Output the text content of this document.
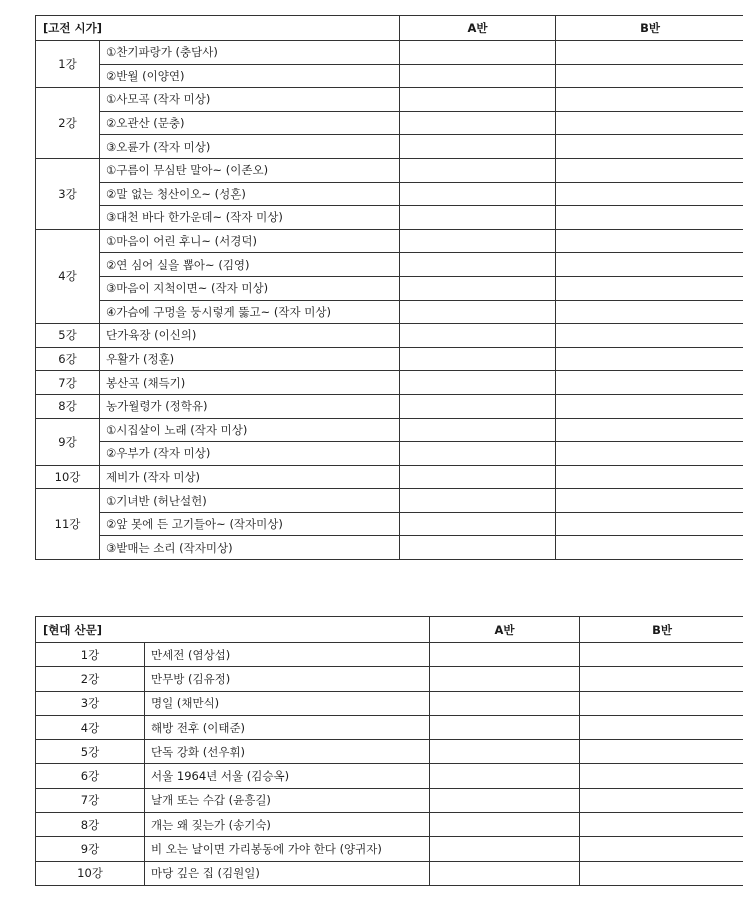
[고전 시가]		A반	B반
1강	①찬기파랑가 (충담사)		
	②반월 (이양연)		
2강	①사모곡 (작자 미상)		
	②오관산 (문충)		
	③오륜가 (작자 미상)		
3강	①구름이 무심탄 말아~ (이존오)		
	②말 없는 청산이오~ (성혼)		
	③대천 바다 한가운데~ (작자 미상)		
4강	①마음이 어린 후니~ (서경덕)		
	②연 심어 실을 뽑아~ (김영)		
	③마음이 지척이면~ (작자 미상)		
	④가슴에 구멍을 둥시렇게 뚫고~ (작자 미상)		
5강	단가육장 (이신의)		
6강	우활가 (정훈)		
7강	봉산곡 (채득기)		
8강	농가월령가 (정학유)		
9강	①시집살이 노래 (작자 미상)		
	②우부가 (작자 미상)		
10강	제비가 (작자 미상)		
11강	①기녀반 (허난설헌)		
	②앞 못에 든 고기들아~ (작자미상)		
	③밭매는 소리 (작자미상)		
[현대 산문]		A반	B반
1강	만세전 (염상섭)		
2강	만무방 (김유정)		
3강	명일 (채만식)		
4강	해방 전후 (이태준)		
5강	단독 강화 (선우휘)		
6강	서울 1964년 서울 (김승옥)		
7강	날개 또는 수갑 (윤흥길)		
8강	개는 왜 짖는가 (송기숙)		
9강	비 오는 날이면 가리봉동에 가야 한다 (양귀자)		
10강	마당 깊은 집 (김원일)		
